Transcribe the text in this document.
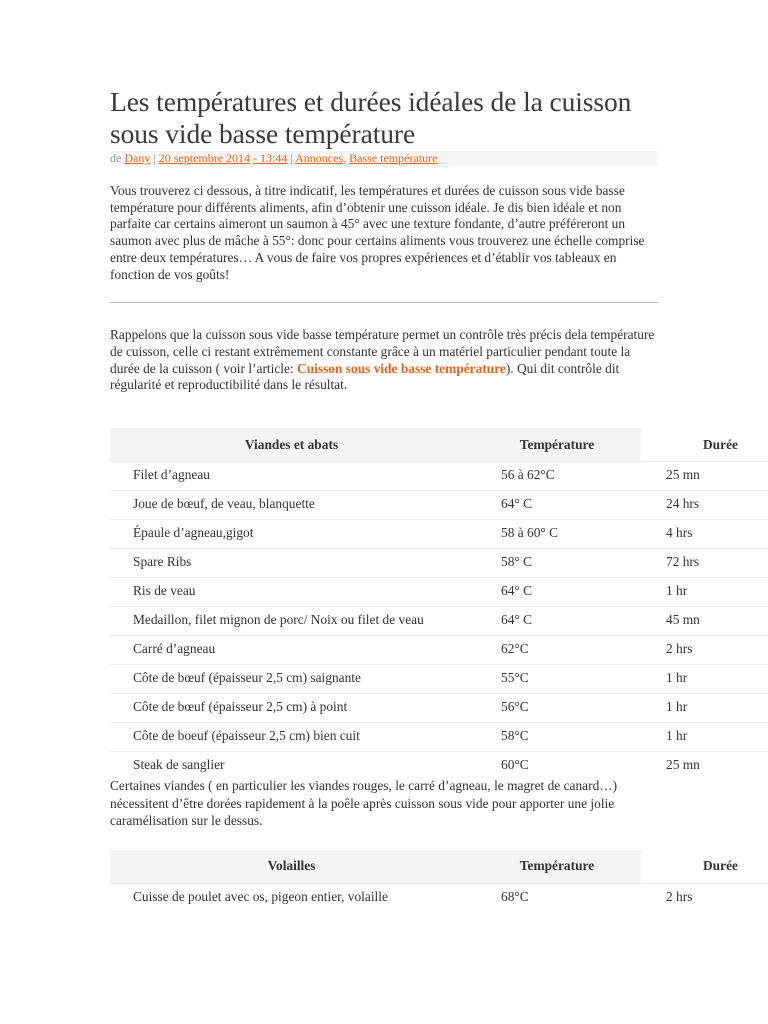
Les températures et durées idéales de la cuisson sous vide basse température
de Dany | 20 septembre 2014 - 13:44 | Annonces, Basse température

Vous trouverez ci dessous, à titre indicatif, les températures et durées de cuisson sous vide basse température pour différents aliments, afin d’obtenir une cuisson idéale. Je dis bien idéale et non parfaite car certains aimeront un saumon à 45° avec une texture fondante, d’autre préféreront un saumon avec plus de mâche à 55°: donc pour certains aliments vous trouverez une échelle comprise entre deux températures… A vous de faire vos propres expériences et d’établir vos tableaux en fonction de vos goûts!

Rappelons que la cuisson sous vide basse température permet un contrôle très précis dela température de cuisson, celle ci restant extrêmement constante grâce à un matériel particulier pendant toute la durée de la cuisson ( voir l’article: Cuisson sous vide basse température). Qui dit contrôle dit régularité et reproductibilité dans le résultat.

Viandes et abats	Température	Durée

Filet d’agneau	56 à 62°C	25 mn

Joue de bœuf, de veau, blanquette	64° C	24 hrs

Épaule d’agneau,gigot	58 à 60° C	4 hrs

Spare Ribs	58° C	72 hrs

Ris de veau	64° C	1 hr

Medaillon, filet mignon de porc/ Noix ou filet de veau	64° C	45 mn

Carré d’agneau	62°C	2 hrs

Côte de bœuf (épaisseur 2,5 cm) saignante	55°C	1 hr

Côte de bœuf (épaisseur 2,5 cm) à point	56°C	1 hr

Côte de boeuf (épaisseur 2,5 cm) bien cuit	58°C	1 hr

Steak de sanglier	60°C	25 mn

Certaines viandes ( en particulier les viandes rouges, le carré d’agneau, le magret de canard…) nécessitent d’être dorées rapidement à la poêle après cuisson sous vide pour apporter une jolie caramélisation sur le dessus.

Volailles	Température	Durée

Cuisse de poulet avec os, pigeon entier, volaille	68°C	2 hrs
